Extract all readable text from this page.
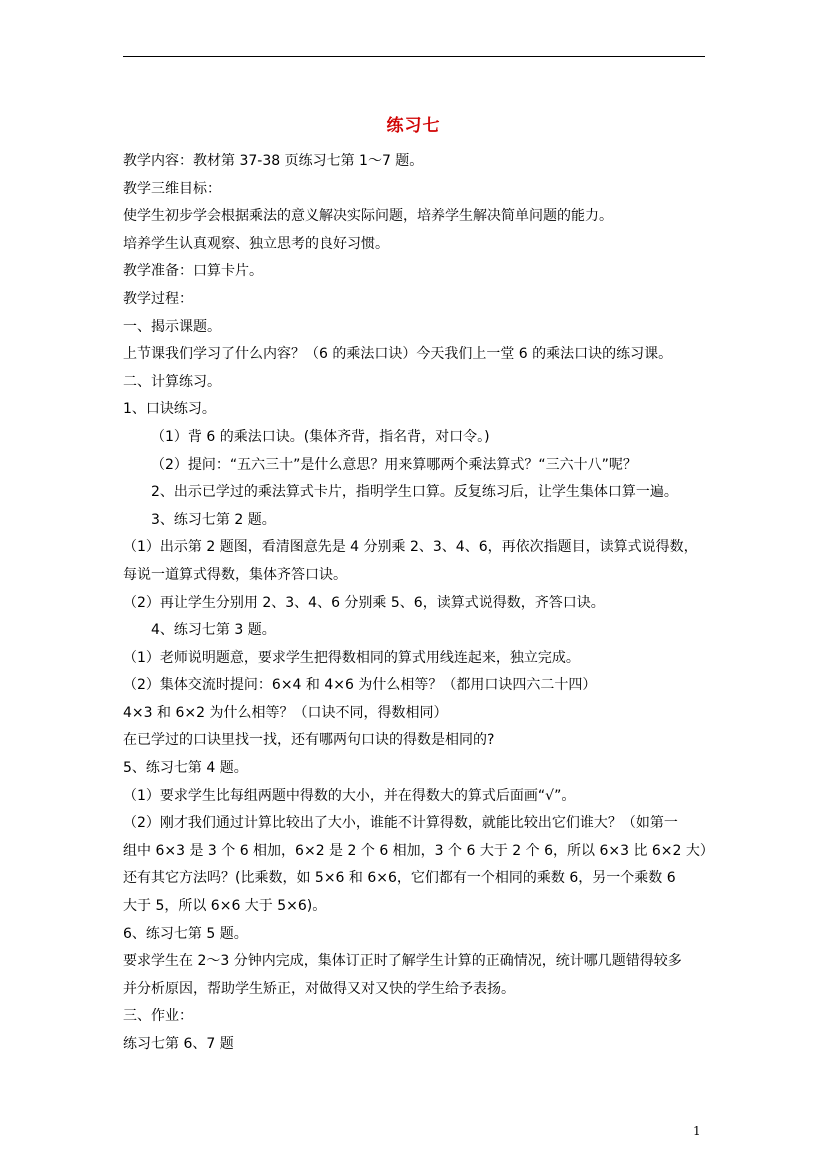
练习七
教学内容：教材第 37-38 页练习七第 1～7 题。
教学三维目标：
使学生初步学会根据乘法的意义解决实际问题，培养学生解决简单问题的能力。
培养学生认真观察、独立思考的良好习惯。
教学准备：口算卡片。
教学过程：
一、揭示课题。
上节课我们学习了什么内容？（6 的乘法口诀）今天我们上一堂 6 的乘法口诀的练习课。
二、计算练习。
1、口诀练习。
（1）背 6 的乘法口诀。(集体齐背，指名背，对口令。)
（2）提问：“五六三十”是什么意思？用来算哪两个乘法算式？“三六十八”呢？
2、出示已学过的乘法算式卡片，指明学生口算。反复练习后，让学生集体口算一遍。
3、练习七第 2 题。
（1）出示第 2 题图，看清图意先是 4 分别乘 2、3、4、6，再依次指题目，读算式说得数，
每说一道算式得数，集体齐答口诀。
（2）再让学生分别用 2、3、4、6 分别乘 5、6，读算式说得数，齐答口诀。
4、练习七第 3 题。
（1）老师说明题意，要求学生把得数相同的算式用线连起来，独立完成。
（2）集体交流时提问：6×4 和 4×6 为什么相等？（都用口诀四六二十四）
4×3 和 6×2 为什么相等？（口诀不同，得数相同）
在已学过的口诀里找一找，还有哪两句口诀的得数是相同的?
5、练习七第 4 题。
（1）要求学生比每组两题中得数的大小，并在得数大的算式后面画“√”。
（2）刚才我们通过计算比较出了大小，谁能不计算得数，就能比较出它们谁大？（如第一
组中 6×3 是 3 个 6 相加，6×2 是 2 个 6 相加，3 个 6 大于 2 个 6，所以 6×3 比 6×2 大）
还有其它方法吗？(比乘数，如 5×6 和 6×6，它们都有一个相同的乘数 6，另一个乘数 6
大于 5，所以 6×6 大于 5×6)。
6、练习七第 5 题。
要求学生在 2～3 分钟内完成，集体订正时了解学生计算的正确情况，统计哪几题错得较多
并分析原因，帮助学生矫正，对做得又对又快的学生给予表扬。
三、作业：
练习七第 6、7 题
1
